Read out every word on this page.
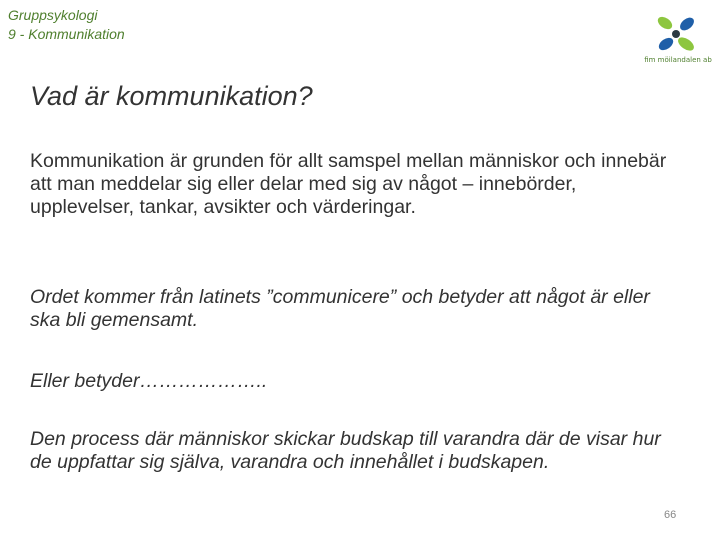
Gruppsykologi
9 - Kommunikation
fim möilandalen ab
Vad är kommunikation?
Kommunikation är grunden för allt samspel mellan människor och innebär att man meddelar sig eller delar med sig av något – innebörder, upplevelser, tankar, avsikter och värderingar.
Ordet kommer från latinets ”communicere” och betyder att något är eller ska bli gemensamt.
Eller betyder………………..
Den process där människor skickar budskap till varandra där de visar hur de uppfattar sig själva, varandra och innehållet i budskapen.
66
